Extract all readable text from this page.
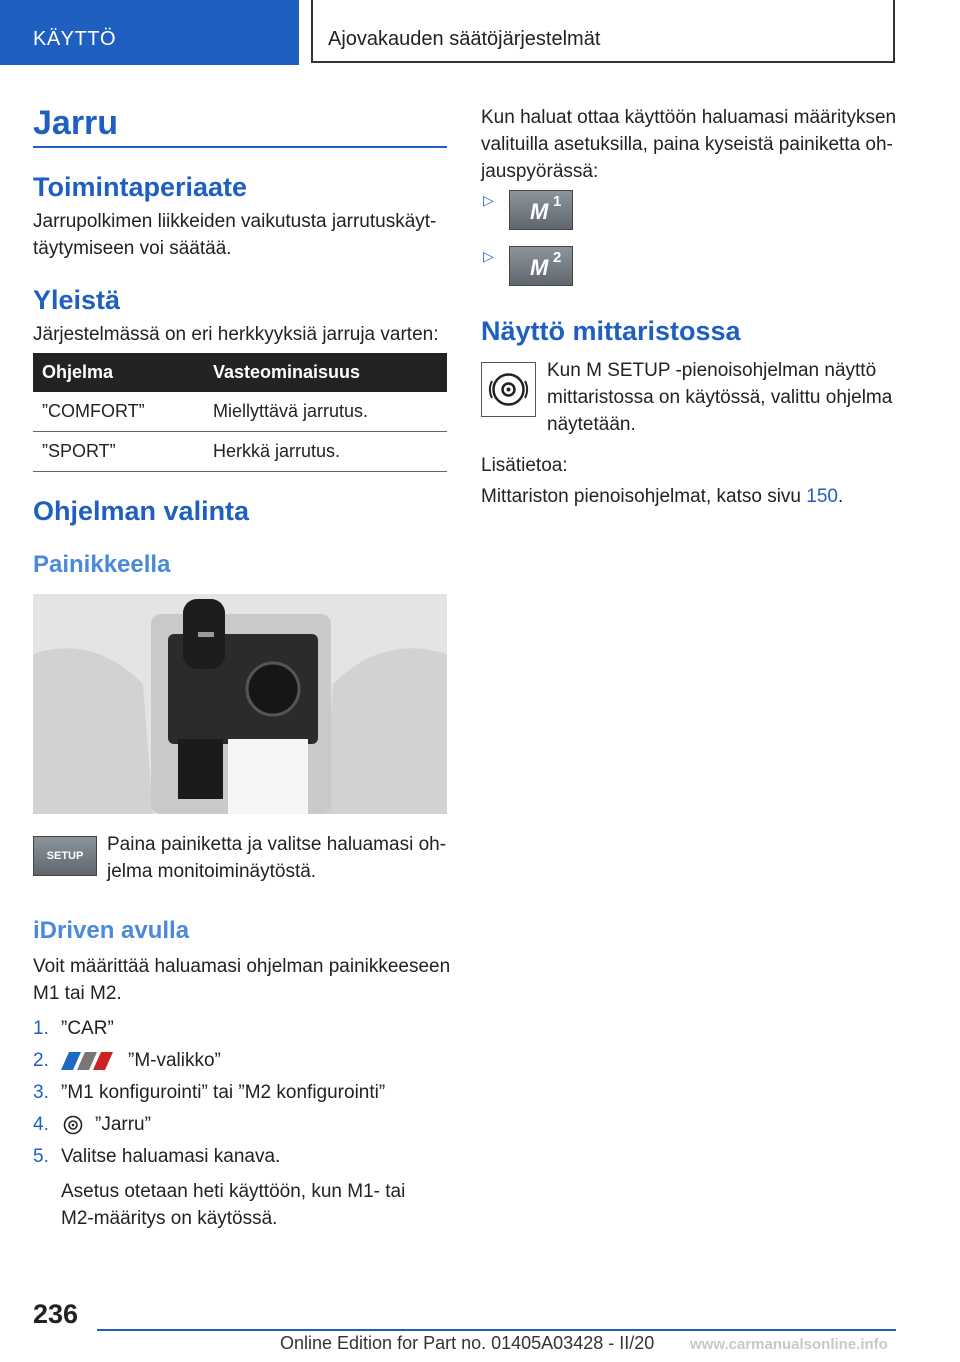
KÄYTTÖ	Ajovakauden säätöjärjestelmät
Jarru
Toimintaperiaate
Jarrupolkimen liikkeiden vaikutusta jarrutuskäyt-
täytymiseen voi säätää.
Yleistä
Järjestelmässä on eri herkkyyksiä jarruja varten:
Ohjelma	Vasteominaisuus
”COMFORT”	Miellyttävä jarrutus.
”SPORT”	Herkkä jarrutus.
Ohjelman valinta
Painikkeella
SETUP
Paina painiketta ja valitse haluamasi oh-
jelma monitoiminäytöstä.
iDriven avulla
Voit määrittää haluamasi ohjelman painikkeeseen
M1 tai M2.
1. ”CAR”
2.	”M-valikko”
3. ”M1 konfigurointi” tai ”M2 konfigurointi”
4. ”Jarru”
5. Valitse haluamasi kanava.
Asetus otetaan heti käyttöön, kun M1- tai
M2-määritys on käytössä.
Kun haluat ottaa käyttöön haluamasi määrityksen
valituilla asetuksilla, paina kyseistä painiketta oh-
jauspyörässä:
▷ M 1
▷ M 2
Näyttö mittaristossa
Kun M SETUP -pienoisohjelman näyttö
mittaristossa on käytössä, valittu ohjelma
näytetään.
Lisätietoa:
Mittariston pienoisohjelmat, katso sivu 150.
236
Online Edition for Part no. 01405A03428 - II/20 www.carmanualsonline.info
